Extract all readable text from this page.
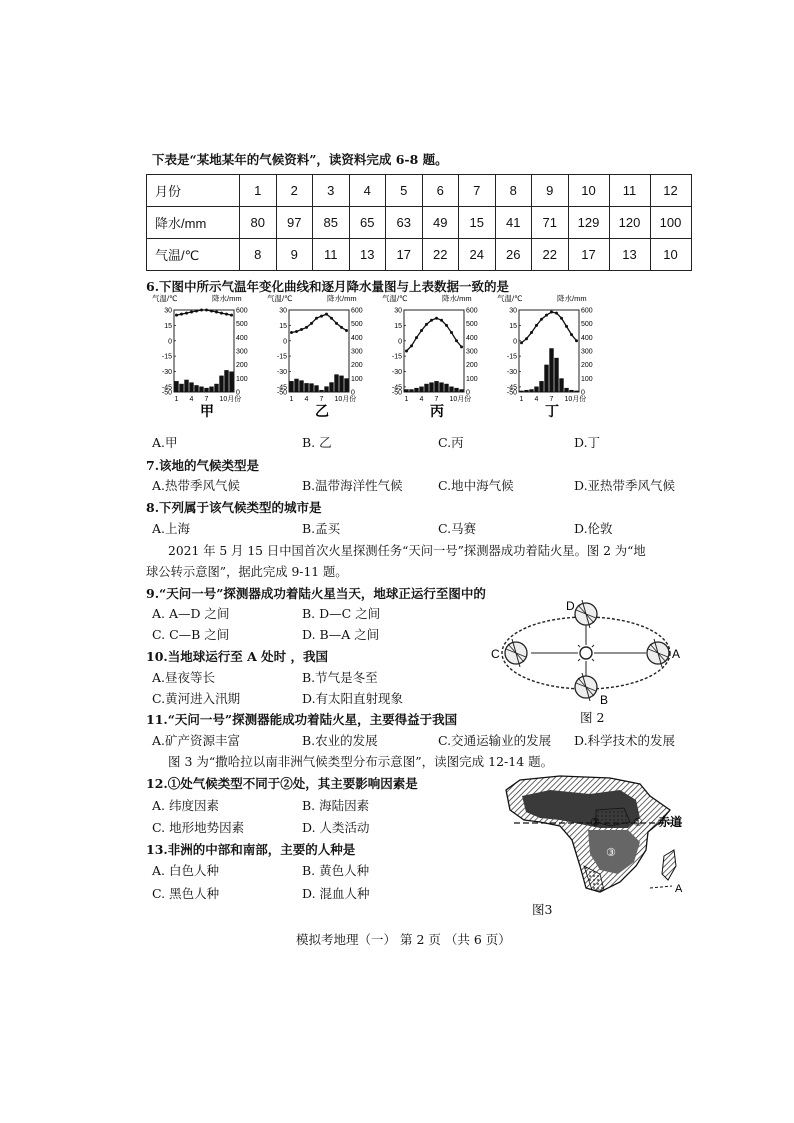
下表是“某地某年的气候资料”，读资料完成 6-8 题。
月份	1	2	3	4	5	6	7	8	9	10	11	12
降水/mm	80	97	85	65	63	49	15	41	71	129	120	100
气温/℃	8	9	11	13	17	22	24	26	22	17	13	10
6.下图中所示气温年变化曲线和逐月降水量图与上表数据一致的是
气温/℃	降水/mm
30
15
0
-15
-30
-45
-50
600
500
400
300
200
100
0
1 4 7 10月份
甲
气温/℃	降水/mm
30
15
0
-15
-30
-45
-50
600
500
400
300
200
100
0
1 4 7 10月份
乙
气温/℃	降水/mm
30
15
0
-15
-30
-45
-50
600
500
400
300
200
100
0
1 4 7 10月份
丙
气温/℃	降水/mm
30
15
0
-15
-30
-45
-50
600
500
400
300
200
100
0
1 4 7 10月份
丁
A.甲	B. 乙	C.丙	D.丁
7.该地的气候类型是
A.热带季风气候	B.温带海洋性气候	C.地中海气候	D.亚热带季风气候
8.下列属于该气候类型的城市是
A.上海	B.孟买	C.马赛	D.伦敦
2021 年 5 月 15 日中国首次火星探测任务“天问一号”探测器成功着陆火星。图 2 为“地
球公转示意图”，据此完成 9-11 题。
9.“天问一号”探测器成功着陆火星当天，地球正运行至图中的
A. A—D 之间	B. D—C 之间
C. C—B 之间	D. B—A 之间
10.当地球运行至 A 处时 ，我国
A.昼夜等长	B.节气是冬至
C.黄河进入汛期	D.有太阳直射现象
A
B
C
D
图 2
11.“天问一号”探测器能成功着陆火星，主要得益于我国
A.矿产资源丰富	B.农业的发展	C.交通运输业的发展 D.科学技术的发展
图 3 为“撒哈拉以南非洲气候类型分布示意图”，读图完成 12-14 题。
12.①处气候类型不同于②处，其主要影响因素是
A. 纬度因素	B. 海陆因素
C. 地形地势因素	D. 人类活动
13.非洲的中部和南部，主要的人种是
A. 白色人种	B. 黄色人种
C. 黑色人种	D. 混血人种
②	①
③
赤道
A
图3
模拟考地理（一） 第 2 页 （共 6 页）
